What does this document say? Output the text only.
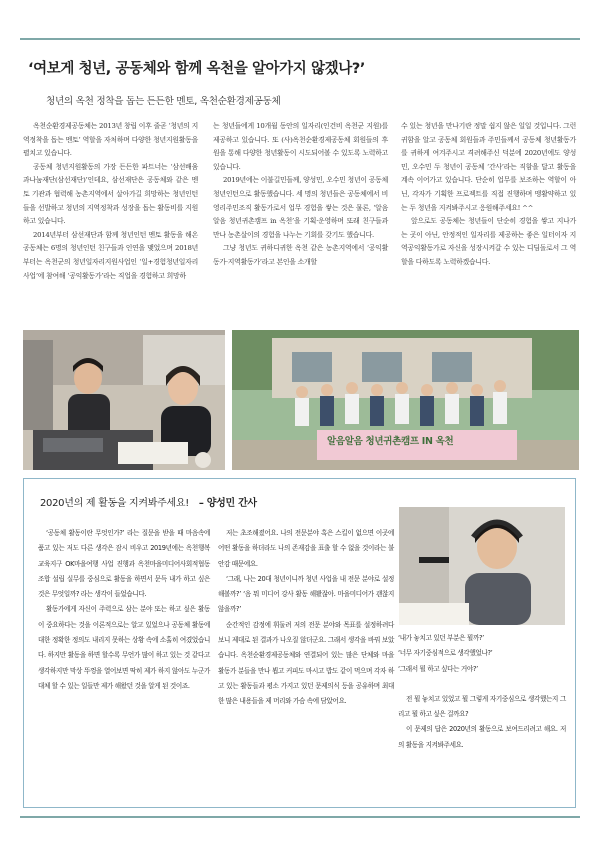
‘여보게 청년, 공동체와 함께 옥천을 알아가지 않겠나?’
청년의 옥천 정착을 돕는 든든한 멘토, 옥천순환경제공동체

옥천순환경제공동체는 2013년 창립 이후 줄곧 ‘청년의 지역정착을 돕는 멘토’ 역할을 자처하며 다양한 청년지원활동을 펼치고 있습니다.

공동체 청년지원활동의 가장 든든한 파트너는 ‘삼선배움과나눔재단(삼선재단)’인데요, 삼선재단은 공동체와 같은 멘토 기관과 협력해 농촌지역에서 살아가길 희망하는 청년인턴들을 선발하고 청년의 지역정착과 성장을 돕는 활동비를 지원하고 있습니다.

2014년부터 삼선재단과 함께 청년인턴 멘토 활동을 해온 공동체는 6명의 청년인턴 친구들과 인연을 맺었으며 2018년부터는 옥천군의 청년일자리지원사업인 ‘일+경험청년일자리사업’에 참여해 ‘공익활동가’라는 직업을 경험하고 희망하

는 청년들에게 10개월 동안의 일자리(인건비 옥천군 지원)를 제공하고 있습니다. 또 (사)옥천순환경제공동체 회원들의 후원을 통해 다양한 청년활동이 시도되어볼 수 있도록 노력하고 있습니다.

2019년에는 이불길민들께, 양성민, 오수민 청년이 공동체 청년인턴으로 활동했습니다. 세 명의 청년들은 공동체에서 비영리주민조직 활동가로서 업무 경험을 쌓는 것은 물론, ‘알음알음 청년귀촌캠프 in 옥천’을 기획·운영하며 또래 친구들과 만나 농촌살이의 경험을 나누는 기회를 갖기도 했습니다.

그냥 청년도 귀하디귀한 옥천 같은 농촌지역에서 ‘공익활동가·지역활동가’라고 본인을 소개할

수 있는 청년을 만나기란 정말 쉽지 않은 일일 것입니다. 그런 귀함을 알고 공동체 회원들과 주민들께서 공동체 청년활동가를 귀하게 여겨주시고 격려해주신 덕분에 2020년에도 양성민, 오수민 두 청년이 공동체 ‘간사’라는 직함을 달고 활동을 계속 이어가고 있습니다. 단순히 업무를 보조하는 역할이 아닌, 각자가 기획한 프로젝트를 직접 진행하며 맹활약하고 있는 두 청년을 지켜봐주시고 응원해주세요! ^^

앞으로도 공동체는 청년들이 단순히 경험을 쌓고 지나가는 곳이 아닌, 안정적인 일자리를 제공하는 좋은 일터이자 지역공익활동가로 자신을 성장시켜갈 수 있는 디딤돌로서 그 역할을 다하도록 노력하겠습니다.

알음알음 청년귀촌캠프 IN 옥천
2020년의 제 활동을 지켜봐주세요! – 양성민 간사

‘공동체 활동이란 무엇인가?’ 라는 질문을 받을 때 마음속에 품고 있는 저도 다른 생각은 잠시 비우고 2019년에는 옥천행복교육지구 OK마을여행 사업 진행과 옥천마을미디어사회적협동조합 설립 실무를 중심으로 활동을 하면서 문득 내가 하고 싶은 것은 무엇일까? 라는 생각이 들었습니다.

활동가에게 자신이 주력으로 삼는 분야 또는 하고 싶은 활동이 중요하다는 것을 이론적으로는 알고 있었으나 공동체 활동에 대한 정확한 정의도 내리지 못하는 상황 속에 소홀히 여겼었습니다. 하지만 활동을 하면 할수록 무언가 많이 하고 있는 것 같다고 생각하지만 막상 뚜껑을 열어보면 딱히 제가 하지 않아도 누군가 대체 할 수 있는 일들만 제가 해왔던 것을 알게 된 것이죠.

저는 초조해졌어요. 나의 전문분야 혹은 스킬이 없으면 이곳에 어떤 활동을 하더라도 나의 존재감을 표출 할 수 없을 것이라는 불안감 때문에요.

‘그래, 나는 20대 청년이니까 청년 사업을 내 전문 분야로 설정해볼까?’ ‘음 뭐 미디어 강사 활동 해봤잖아. 마을미디어가 괜찮지 않을까?’

순간적인 감정에 휘둘려 저의 전문 분야와 목표를 설정하려다보니 제대로 된 결과가 나오질 않더군요. 그래서 생각을 바꿔 보았습니다. 옥천순환경제공동체와 연결되어 있는 많은 단체와 마을 활동가 분들을 만나 뵙고 커피도 마시고 밥도 같이 먹으며 각자 하고 있는 활동들과 평소 가지고 있던 문제의식 등을 공유하며 최대한 많은 내용들을 제 머리와 가슴 속에 담았어요.

‘내가 놓치고 있던 부분은 뭘까?’

‘너무 자기중심적으로 생각했었나?’

‘그래서 뭘 하고 싶다는 거야?’

전 뭘 놓치고 있었고 뭘 그렇게 자기중심으로 생각했는지 그리고 뭘 하고 싶은 걸까요?

이 문제의 답은 2020년의 활동으로 보여드리려고 해요. 저의 활동을 지켜봐주세요.
